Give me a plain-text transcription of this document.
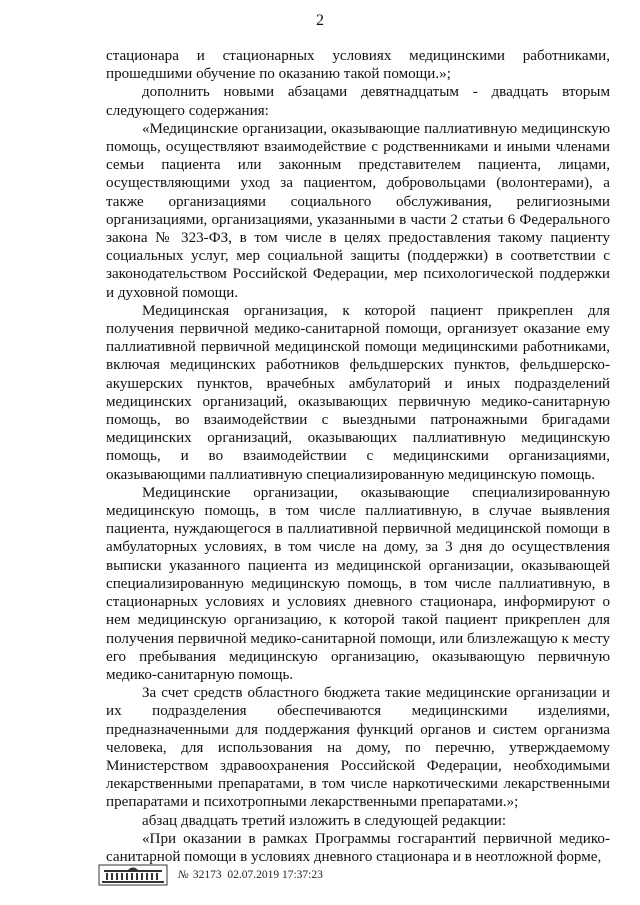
2

стационара и стационарных условиях медицинскими работниками, прошедшими обучение по оказанию такой помощи.»;

дополнить новыми абзацами девятнадцатым - двадцать вторым следующего содержания:

«Медицинские организации, оказывающие паллиативную медицинскую помощь, осуществляют взаимодействие с родственниками и иными членами семьи пациента или законным представителем пациента, лицами, осуществляющими уход за пациентом, добровольцами (волонтерами), а также организациями социального обслуживания, религиозными организациями, организациями, указанными в части 2 статьи 6 Федерального закона № 323-ФЗ, в том числе в целях предоставления такому пациенту социальных услуг, мер социальной защиты (поддержки) в соответствии с законодательством Российской Федерации, мер психологической поддержки и духовной помощи.

Медицинская организация, к которой пациент прикреплен для получения первичной медико-санитарной помощи, организует оказание ему паллиативной первичной медицинской помощи медицинскими работниками, включая медицинских работников фельдшерских пунктов, фельдшерско-акушерских пунктов, врачебных амбулаторий и иных подразделений медицинских организаций, оказывающих первичную медико-санитарную помощь, во взаимодействии с выездными патронажными бригадами медицинских организаций, оказывающих паллиативную медицинскую помощь, и во взаимодействии с медицинскими организациями, оказывающими паллиативную специализированную медицинскую помощь.

Медицинские организации, оказывающие специализированную медицинскую помощь, в том числе паллиативную, в случае выявления пациента, нуждающегося в паллиативной первичной медицинской помощи в амбулаторных условиях, в том числе на дому, за 3 дня до осуществления выписки указанного пациента из медицинской организации, оказывающей специализированную медицинскую помощь, в том числе паллиативную, в стационарных условиях и условиях дневного стационара, информируют о нем медицинскую организацию, к которой такой пациент прикреплен для получения первичной медико-санитарной помощи, или близлежащую к месту его пребывания медицинскую организацию, оказывающую первичную медико-санитарную помощь.

За счет средств областного бюджета такие медицинские организации и их подразделения обеспечиваются медицинскими изделиями, предназначенными для поддержания функций органов и систем организма человека, для использования на дому, по перечню, утверждаемому Министерством здравоохранения Российской Федерации, необходимыми лекарственными препаратами, в том числе наркотическими лекарственными препаратами и психотропными лекарственными препаратами.»;

абзац двадцать третий изложить в следующей редакции:

«При оказании в рамках Программы госгарантий первичной медико-санитарной помощи в условиях дневного стационара и в неотложной форме,

№ 32173 02.07.2019 17:37:23
